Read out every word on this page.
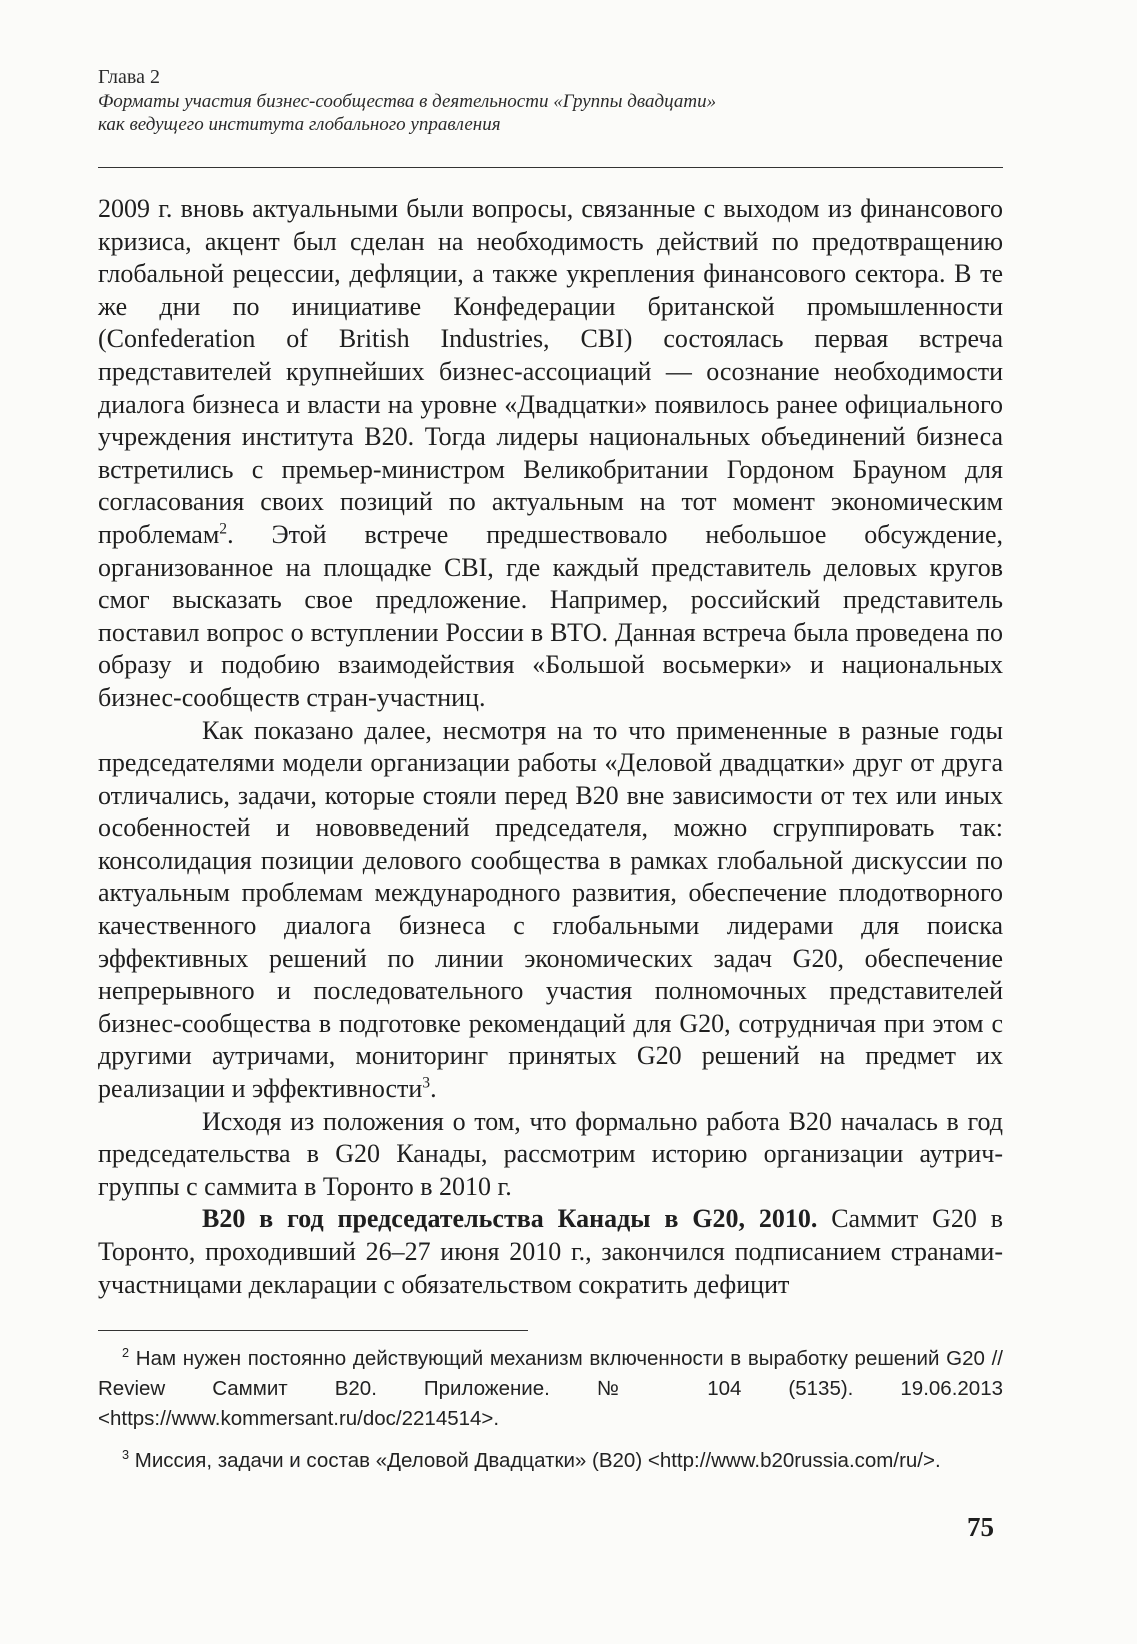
Глава 2
Форматы участия бизнес-сообщества в деятельности «Группы двадцати»
как ведущего института глобального управления

2009 г. вновь актуальными были вопросы, связанные с выходом из финансового кризиса, акцент был сделан на необходимость действий по предотвращению глобальной рецессии, дефляции, а также укрепления финансового сектора. В те же дни по инициативе Конфедерации британской промышленности (Confederation of British Industries, CBI) состоялась первая встреча представителей крупнейших бизнес-ассоциаций — осознание необходимости диалога бизнеса и власти на уровне «Двадцатки» появилось ранее официального учреждения института B20. Тогда лидеры национальных объединений бизнеса встретились с премьер-министром Великобритании Гордоном Брауном для согласования своих позиций по актуальным на тот момент экономическим проблемам$^2$. Этой встрече предшествовало небольшое обсуждение, организованное на площадке CBI, где каждый представитель деловых кругов смог высказать свое предложение. Например, российский представитель поставил вопрос о вступлении России в ВТО. Данная встреча была проведена по образу и подобию взаимодействия «Большой восьмерки» и национальных бизнес-сообществ стран-участниц.

Как показано далее, несмотря на то что примененные в разные годы председателями модели организации работы «Деловой двадцатки» друг от друга отличались, задачи, которые стояли перед B20 вне зависимости от тех или иных особенностей и нововведений председателя, можно сгруппировать так: консолидация позиции делового сообщества в рамках глобальной дискуссии по актуальным проблемам международного развития, обеспечение плодотворного качественного диалога бизнеса с глобальными лидерами для поиска эффективных решений по линии экономических задач G20, обеспечение непрерывного и последовательного участия полномочных представителей бизнес-сообщества в подготовке рекомендаций для G20, сотрудничая при этом с другими аутричами, мониторинг принятых G20 решений на предмет их реализации и эффективности$^3$.

Исходя из положения о том, что формально работа B20 началась в год председательства в G20 Канады, рассмотрим историю организации аутрич-группы с саммита в Торонто в 2010 г.

B20 в год председательства Канады в G20, 2010. Саммит G20 в Торонто, проходивший 26–27 июня 2010 г., закончился подписанием странами-участницами декларации с обязательством сократить дефицит

$^2$ Нам нужен постоянно действующий механизм включенности в выработку решений G20 // Review Саммит B20. Приложение. № 104 (5135). 19.06.2013 <https://www.kommersant.ru/doc/2214514>.

$^3$ Миссия, задачи и состав «Деловой Двадцатки» (B20) <http://www.b20russia.com/ru/>.

75
